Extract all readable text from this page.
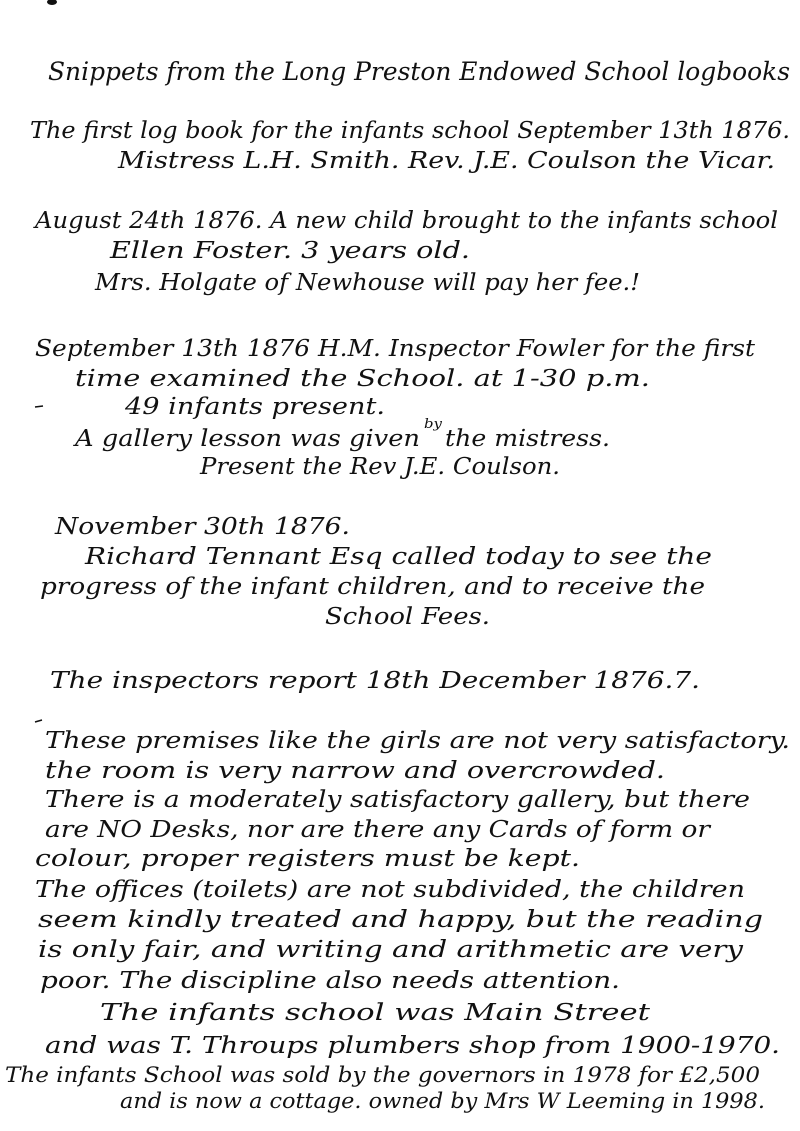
Snippets from the Long Preston Endowed School logbooks
The first log book for the infants school September 13th 1876.
Mistress L.H. Smith. Rev. J.E. Coulson the Vicar.
August 24th 1876. A new child brought to the infants school
Ellen Foster. 3 years old.
Mrs. Holgate of Newhouse will pay her fee.!
September 13th 1876 H.M. Inspector Fowler for the first
time examined the School. at 1-30 p.m.
49 infants present.
A gallery lesson was given
by
the mistress.
Present the Rev J.E. Coulson.
November 30th 1876.
Richard Tennant Esq called today to see the
progress of the infant children, and to receive the
School Fees.
The inspectors report 18th December 1876.7.
These premises like the girls are not very satisfactory.
the room is very narrow and overcrowded.
There is a moderately satisfactory gallery, but there
are NO Desks, nor are there any Cards of form or
colour, proper registers must be kept.
The offices (toilets) are not subdivided, the children
seem kindly treated and happy, but the reading
is only fair, and writing and arithmetic are very
poor. The discipline also needs attention.
The infants school was Main Street
and was T. Throups plumbers shop from 1900-1970.
The infants School was sold by the governors in 1978 for £2,500
and is now a cottage. owned by Mrs W Leeming in 1998.
